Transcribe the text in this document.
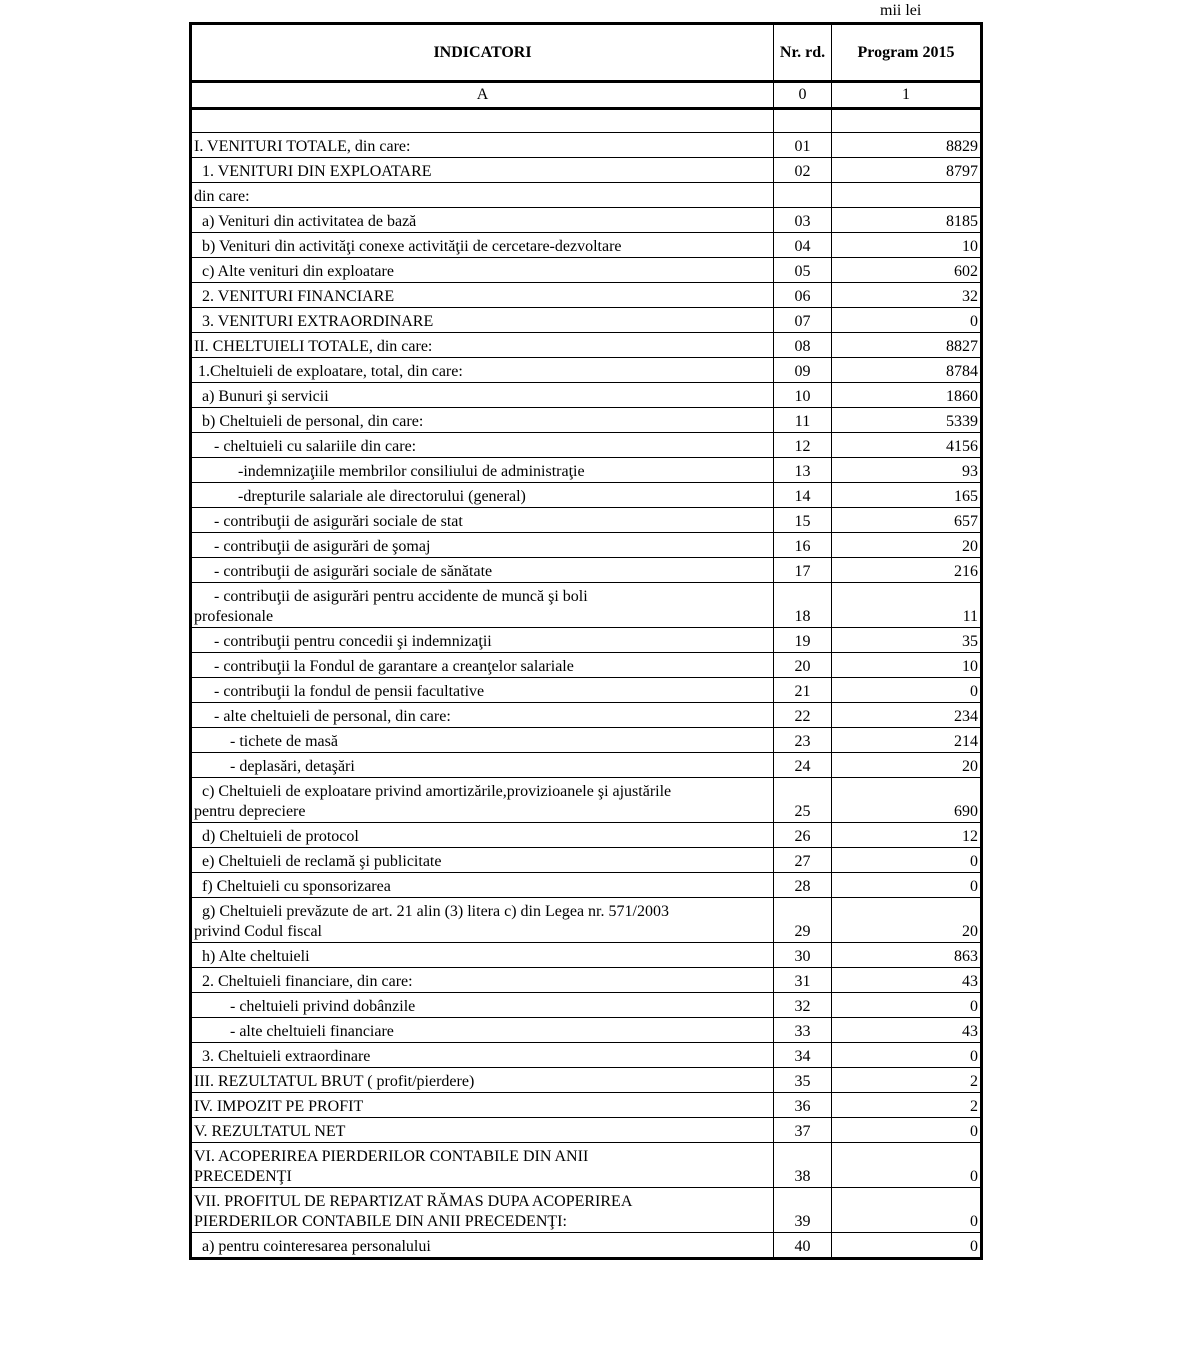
mii lei
INDICATORI	Nr. rd.	Program 2015
A	0	1

I. VENITURI TOTALE, din care:	01	8829
1. VENITURI DIN EXPLOATARE	02	8797
din care:		
a) Venituri din activitatea de bază	03	8185
b) Venituri din activităţi conexe activităţii de cercetare-dezvoltare	04	10
c) Alte venituri din exploatare	05	602
2. VENITURI FINANCIARE	06	32
3. VENITURI EXTRAORDINARE	07	0
II. CHELTUIELI TOTALE, din care:	08	8827
1.Cheltuieli de exploatare, total, din care:	09	8784
a) Bunuri şi servicii	10	1860
b) Cheltuieli de personal, din care:	11	5339
- cheltuieli cu salariile din care:	12	4156
-indemnizaţiile membrilor consiliului de administraţie	13	93
-drepturile salariale ale directorului (general)	14	165
- contribuţii de asigurări sociale de stat	15	657
- contribuţii de asigurări de şomaj	16	20
- contribuţii de asigurări sociale de sănătate	17	216
- contribuţii de asigurări pentru accidente de muncă şi boli
profesionale	18	11
- contribuţii pentru concedii şi indemnizaţii	19	35
- contribuţii la Fondul de garantare a creanţelor salariale	20	10
- contribuţii la fondul de pensii facultative	21	0
- alte cheltuieli de personal, din care:	22	234
- tichete de masă	23	214
- deplasări, detaşări	24	20
c) Cheltuieli de exploatare privind amortizările,provizioanele şi ajustările
pentru depreciere	25	690
d) Cheltuieli de protocol	26	12
e) Cheltuieli de reclamă şi publicitate	27	0
f) Cheltuieli cu sponsorizarea	28	0
g) Cheltuieli prevăzute de art. 21 alin (3) litera c) din Legea nr. 571/2003
privind Codul fiscal	29	20
h) Alte cheltuieli	30	863
2. Cheltuieli financiare, din care:	31	43
- cheltuieli privind dobânzile	32	0
- alte cheltuieli financiare	33	43
3. Cheltuieli extraordinare	34	0
III. REZULTATUL BRUT ( profit/pierdere)	35	2
IV. IMPOZIT PE PROFIT	36	2
V. REZULTATUL NET	37	0
VI. ACOPERIREA PIERDERILOR CONTABILE DIN ANII
PRECEDENŢI	38	0
VII. PROFITUL DE REPARTIZAT RĂMAS DUPA ACOPERIREA
PIERDERILOR CONTABILE DIN ANII PRECEDENŢI:	39	0
a) pentru cointeresarea personalului	40	0
